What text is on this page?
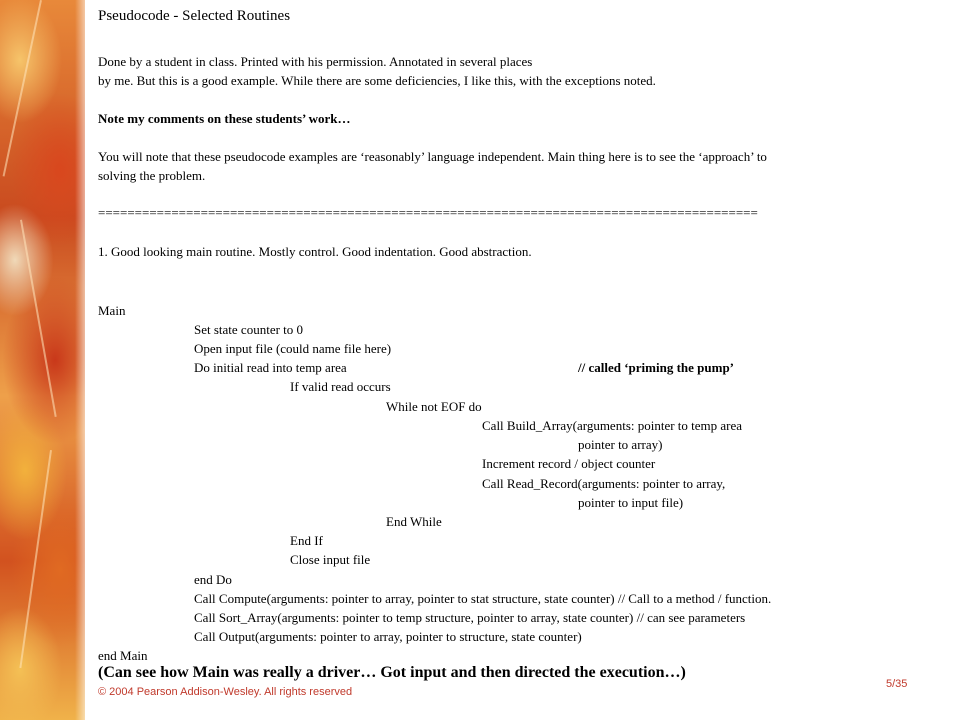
Pseudocode - Selected Routines
Done by a student in class. Printed with his permission. Annotated in several places
by me. But this is a good example. While there are some deficiencies, I like this, with the exceptions noted.
Note my comments on these students’ work…
You will note that these pseudocode examples are ‘reasonably’ language independent. Main thing here is to see the ‘approach’ to
solving the problem.
==========================================================================================
1. Good looking main routine. Mostly control. Good indentation. Good abstraction.
Main
Set state counter to 0
Open input file (could name file here)
Do initial read into temp area	// called ‘priming the pump’
If valid read occurs
While not EOF do
Call Build_Array(arguments: pointer to temp area
pointer to array)
Increment record / object counter
Call Read_Record(arguments: pointer to array,
pointer to input file)
End While
End If
Close input file
end Do
Call Compute(arguments: pointer to array, pointer to stat structure, state counter) // Call to a method / function.
Call Sort_Array(arguments: pointer to temp structure, pointer to array, state counter) // can see parameters
Call Output(arguments: pointer to array, pointer to structure, state counter)
end Main
(Can see how Main was really a driver… Got input and then directed the execution…)
© 2004 Pearson Addison-Wesley. All rights reserved
5/35
